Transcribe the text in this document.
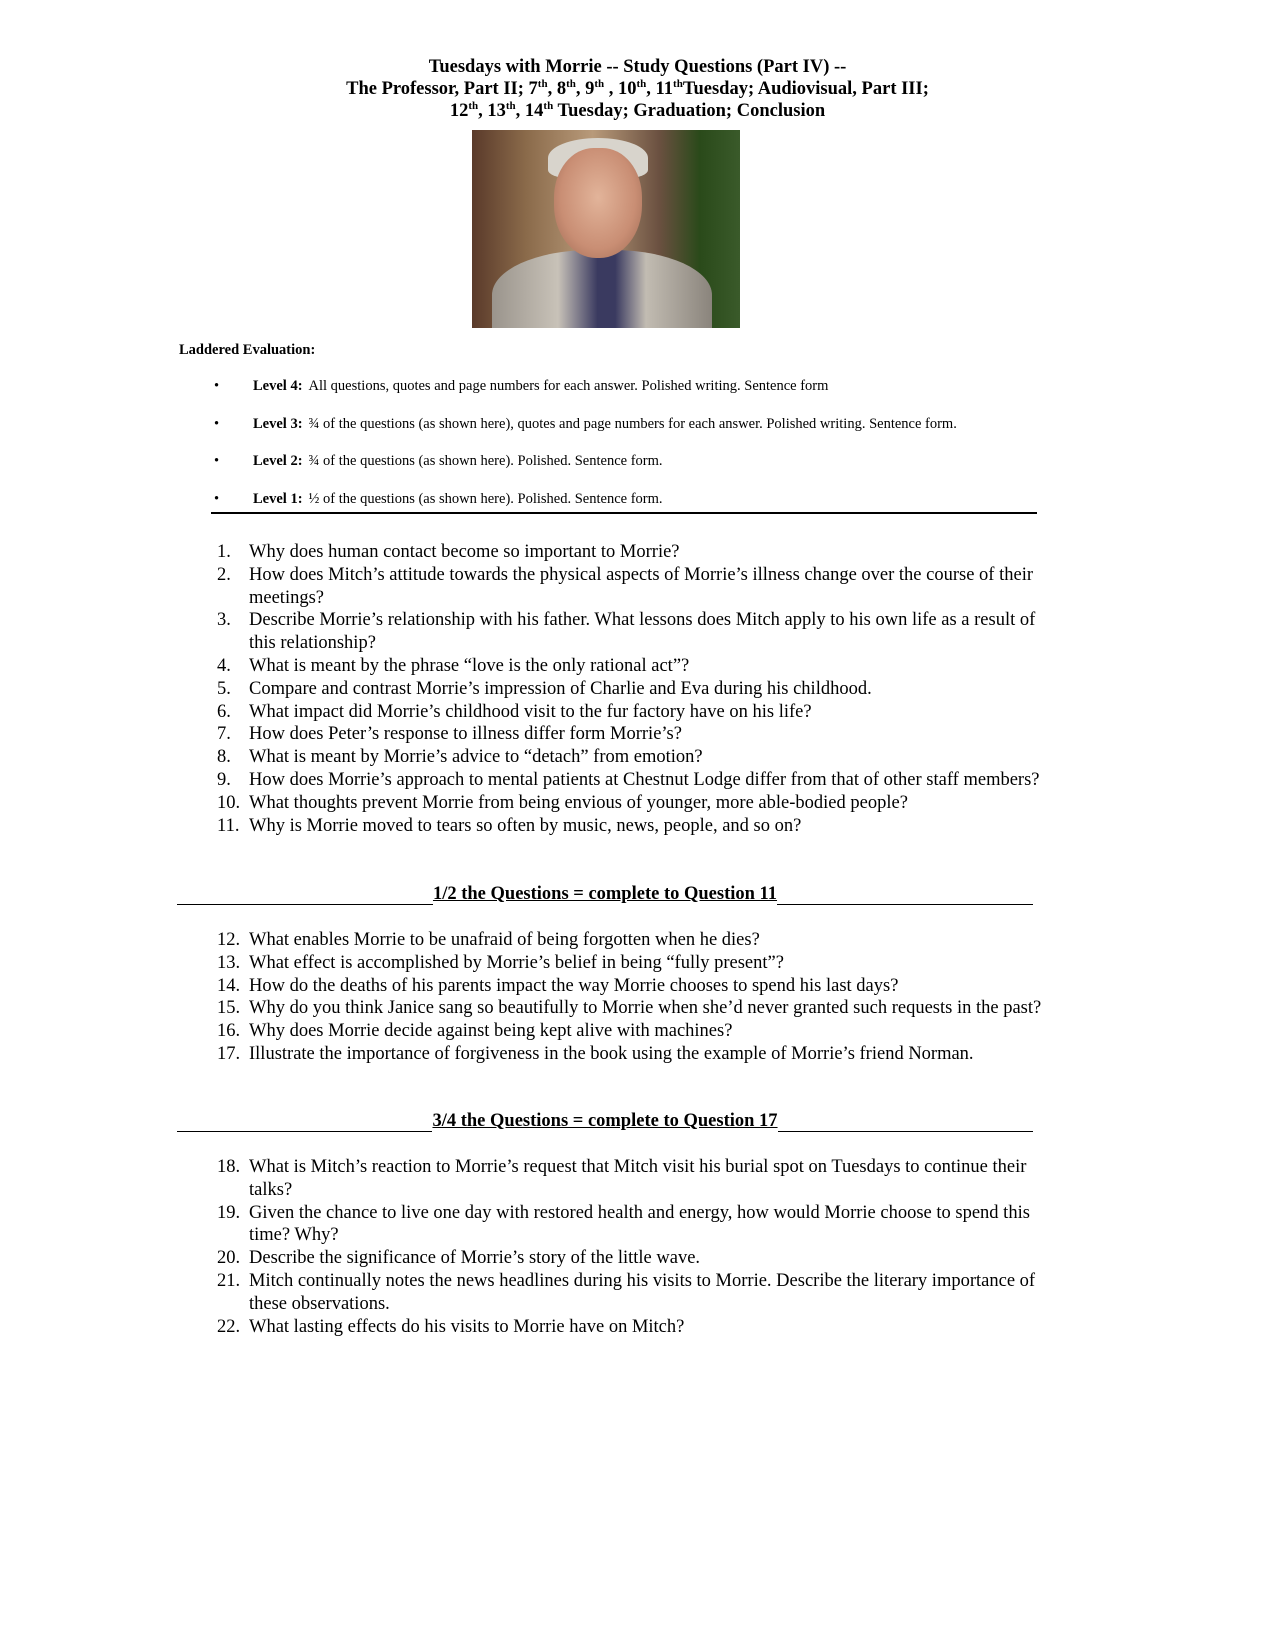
Tuesdays with Morrie -- Study Questions (Part IV) --
The Professor, Part II; 7th, 8th, 9th , 10th, 11thTuesday; Audiovisual, Part III;
12th, 13th, 14th Tuesday; Graduation; Conclusion
Laddered Evaluation:
•	Level 4: All questions, quotes and page numbers for each answer. Polished writing. Sentence form
•	Level 3: ¾ of the questions (as shown here), quotes and page numbers for each answer. Polished writing. Sentence form.
•	Level 2: ¾ of the questions (as shown here). Polished. Sentence form.
•	Level 1: ½ of the questions (as shown here). Polished. Sentence form.
1. Why does human contact become so important to Morrie?
2. How does Mitch’s attitude towards the physical aspects of Morrie’s illness change over the course of their meetings?
3. Describe Morrie’s relationship with his father. What lessons does Mitch apply to his own life as a result of this relationship?
4. What is meant by the phrase “love is the only rational act”?
5. Compare and contrast Morrie’s impression of Charlie and Eva during his childhood.
6. What impact did Morrie’s childhood visit to the fur factory have on his life?
7. How does Peter’s response to illness differ form Morrie’s?
8. What is meant by Morrie’s advice to “detach” from emotion?
9. How does Morrie’s approach to mental patients at Chestnut Lodge differ from that of other staff members?
10. What thoughts prevent Morrie from being envious of younger, more able-bodied people?
11. Why is Morrie moved to tears so often by music, news, people, and so on?
1/2 the Questions = complete to Question 11
12. What enables Morrie to be unafraid of being forgotten when he dies?
13. What effect is accomplished by Morrie’s belief in being “fully present”?
14. How do the deaths of his parents impact the way Morrie chooses to spend his last days?
15. Why do you think Janice sang so beautifully to Morrie when she’d never granted such requests in the past?
16. Why does Morrie decide against being kept alive with machines?
17. Illustrate the importance of forgiveness in the book using the example of Morrie’s friend Norman.
3/4 the Questions = complete to Question 17
18. What is Mitch’s reaction to Morrie’s request that Mitch visit his burial spot on Tuesdays to continue their talks?
19. Given the chance to live one day with restored health and energy, how would Morrie choose to spend this time? Why?
20. Describe the significance of Morrie’s story of the little wave.
21. Mitch continually notes the news headlines during his visits to Morrie. Describe the literary importance of these observations.
22. What lasting effects do his visits to Morrie have on Mitch?
